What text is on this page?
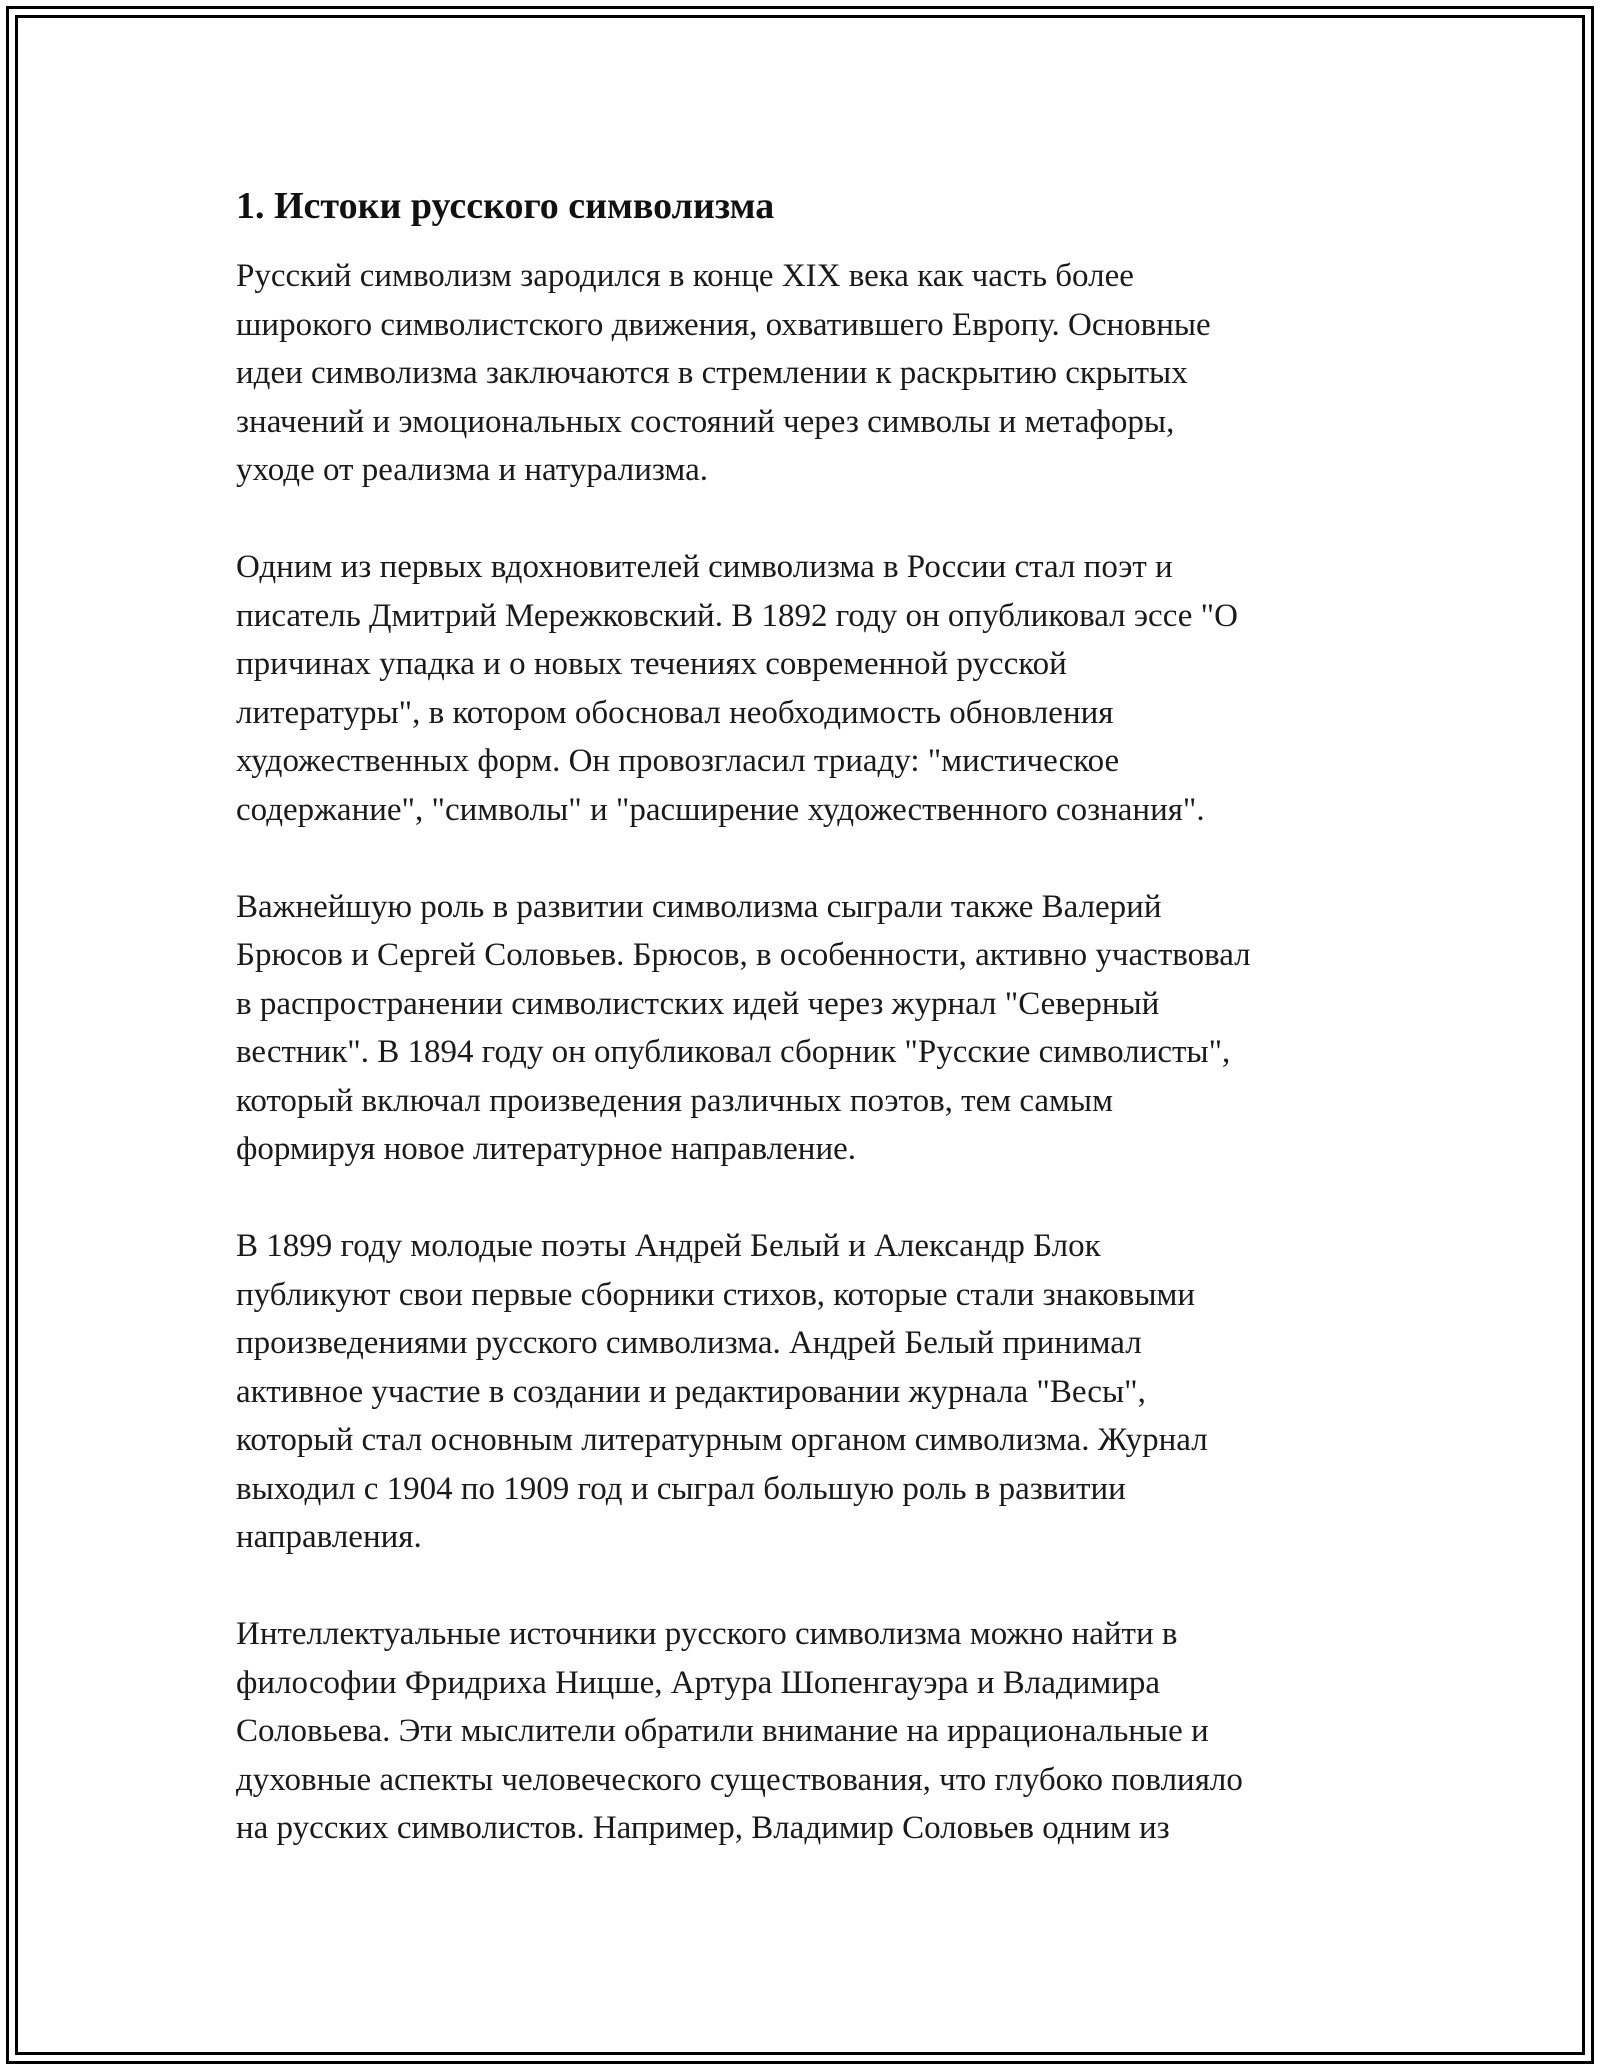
1. Истоки русского символизма
Русский символизм зародился в конце XIX века как часть более
широкого символистского движения, охватившего Европу. Основные
идеи символизма заключаются в стремлении к раскрытию скрытых
значений и эмоциональных состояний через символы и метафоры,
уходе от реализма и натурализма.
Одним из первых вдохновителей символизма в России стал поэт и
писатель Дмитрий Мережковский. В 1892 году он опубликовал эссе "О
причинах упадка и о новых течениях современной русской
литературы", в котором обосновал необходимость обновления
художественных форм. Он провозгласил триаду: "мистическое
содержание", "символы" и "расширение художественного сознания".
Важнейшую роль в развитии символизма сыграли также Валерий
Брюсов и Сергей Соловьев. Брюсов, в особенности, активно участвовал
в распространении символистских идей через журнал "Северный
вестник". В 1894 году он опубликовал сборник "Русские символисты",
который включал произведения различных поэтов, тем самым
формируя новое литературное направление.
В 1899 году молодые поэты Андрей Белый и Александр Блок
публикуют свои первые сборники стихов, которые стали знаковыми
произведениями русского символизма. Андрей Белый принимал
активное участие в создании и редактировании журнала "Весы",
который стал основным литературным органом символизма. Журнал
выходил с 1904 по 1909 год и сыграл большую роль в развитии
направления.
Интеллектуальные источники русского символизма можно найти в
философии Фридриха Ницше, Артура Шопенгауэра и Владимира
Соловьева. Эти мыслители обратили внимание на иррациональные и
духовные аспекты человеческого существования, что глубоко повлияло
на русских символистов. Например, Владимир Соловьев одним из
